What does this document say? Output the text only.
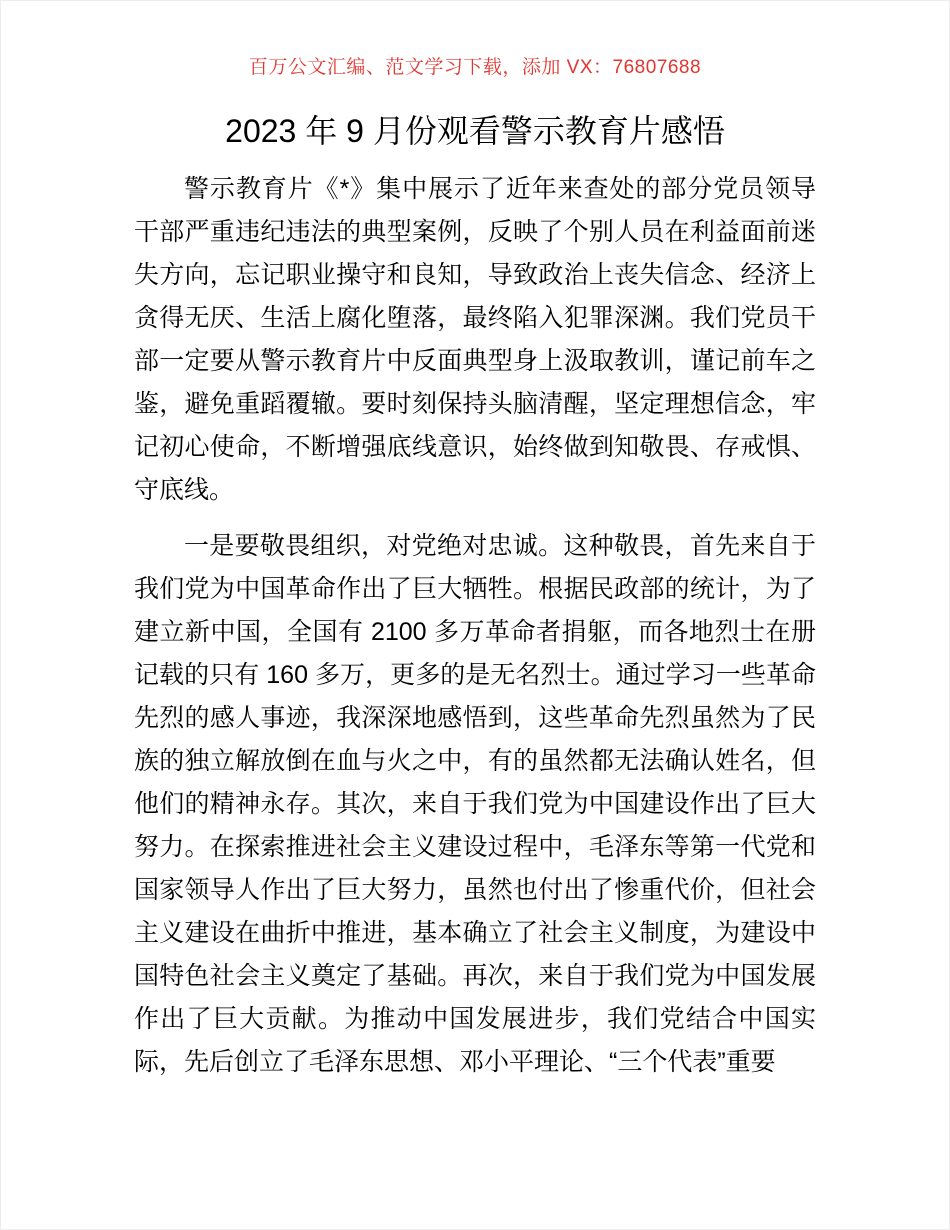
百万公文汇编、范文学习下载，添加 VX：76807688
2023 年 9 月份观看警示教育片感悟

警示教育片《*》集中展示了近年来查处的部分党员领导干部严重违纪违法的典型案例，反映了个别人员在利益面前迷失方向，忘记职业操守和良知，导致政治上丧失信念、经济上贪得无厌、生活上腐化堕落，最终陷入犯罪深渊。我们党员干部一定要从警示教育片中反面典型身上汲取教训，谨记前车之鉴，避免重蹈覆辙。要时刻保持头脑清醒，坚定理想信念，牢记初心使命，不断增强底线意识，始终做到知敬畏、存戒惧、守底线。

一是要敬畏组织，对党绝对忠诚。这种敬畏，首先来自于我们党为中国革命作出了巨大牺牲。根据民政部的统计，为了建立新中国，全国有 2100 多万革命者捐躯，而各地烈士在册记载的只有 160 多万，更多的是无名烈士。通过学习一些革命先烈的感人事迹，我深深地感悟到，这些革命先烈虽然为了民族的独立解放倒在血与火之中，有的虽然都无法确认姓名，但他们的精神永存。其次，来自于我们党为中国建设作出了巨大努力。在探索推进社会主义建设过程中，毛泽东等第一代党和国家领导人作出了巨大努力，虽然也付出了惨重代价，但社会主义建设在曲折中推进，基本确立了社会主义制度，为建设中国特色社会主义奠定了基础。再次，来自于我们党为中国发展作出了巨大贡献。为推动中国发展进步，我们党结合中国实际，先后创立了毛泽东思想、邓小平理论、“三个代表”重要
